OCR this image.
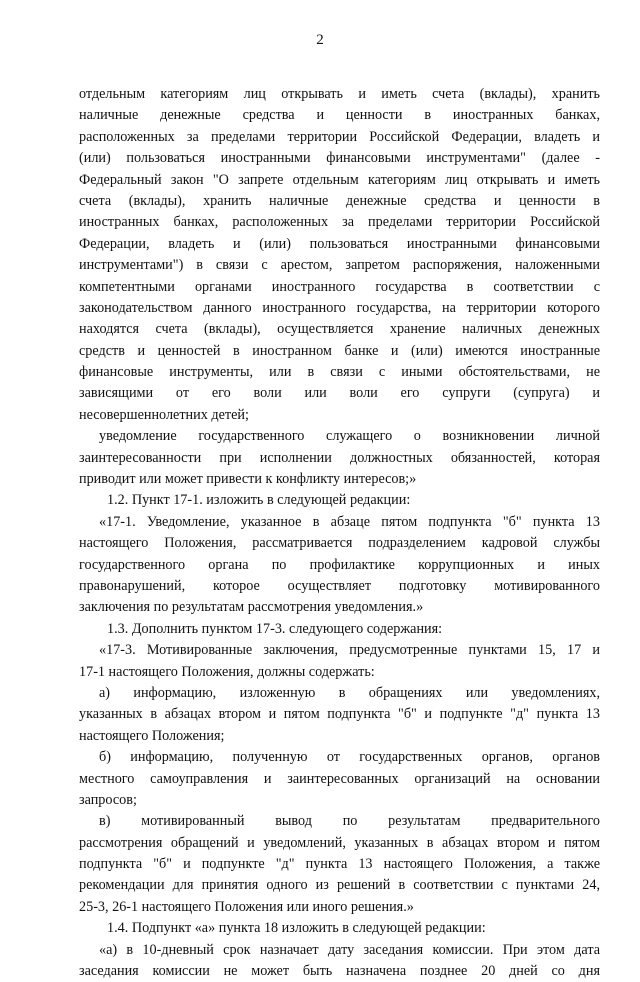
2
отдельным категориям лиц открывать и иметь счета (вклады), хранить
наличные денежные средства и ценности в иностранных банках,
расположенных за пределами территории Российской Федерации, владеть и
(или) пользоваться иностранными финансовыми инструментами" (далее -
Федеральный закон "О запрете отдельным категориям лиц открывать и иметь
счета (вклады), хранить наличные денежные средства и ценности в
иностранных банках, расположенных за пределами территории Российской
Федерации, владеть и (или) пользоваться иностранными финансовыми
инструментами") в связи с арестом, запретом распоряжения, наложенными
компетентными органами иностранного государства в соответствии с
законодательством данного иностранного государства, на территории которого
находятся счета (вклады), осуществляется хранение наличных денежных
средств и ценностей в иностранном банке и (или) имеются иностранные
финансовые инструменты, или в связи с иными обстоятельствами, не
зависящими от его воли или воли его супруги (супруга) и
несовершеннолетних детей;
уведомление государственного служащего о возникновении личной
заинтересованности при исполнении должностных обязанностей, которая
приводит или может привести к конфликту интересов;»
1.2. Пункт 17-1. изложить в следующей редакции:
«17-1. Уведомление, указанное в абзаце пятом подпункта "б" пункта 13
настоящего Положения, рассматривается подразделением кадровой службы
государственного органа по профилактике коррупционных и иных
правонарушений, которое осуществляет подготовку мотивированного
заключения по результатам рассмотрения уведомления.»
1.3. Дополнить пунктом 17-3. следующего содержания:
«17-3. Мотивированные заключения, предусмотренные пунктами 15, 17 и
17-1 настоящего Положения, должны содержать:
а) информацию, изложенную в обращениях или уведомлениях,
указанных в абзацах втором и пятом подпункта "б" и подпункте "д" пункта 13
настоящего Положения;
б) информацию, полученную от государственных органов, органов
местного самоуправления и заинтересованных организаций на основании
запросов;
в) мотивированный вывод по результатам предварительного
рассмотрения обращений и уведомлений, указанных в абзацах втором и пятом
подпункта "б" и подпункте "д" пункта 13 настоящего Положения, а также
рекомендации для принятия одного из решений в соответствии с пунктами 24,
25-3, 26-1 настоящего Положения или иного решения.»
1.4. Подпункт «а» пункта 18 изложить в следующей редакции:
«а) в 10-дневный срок назначает дату заседания комиссии. При этом дата
заседания комиссии не может быть назначена позднее 20 дней со дня
